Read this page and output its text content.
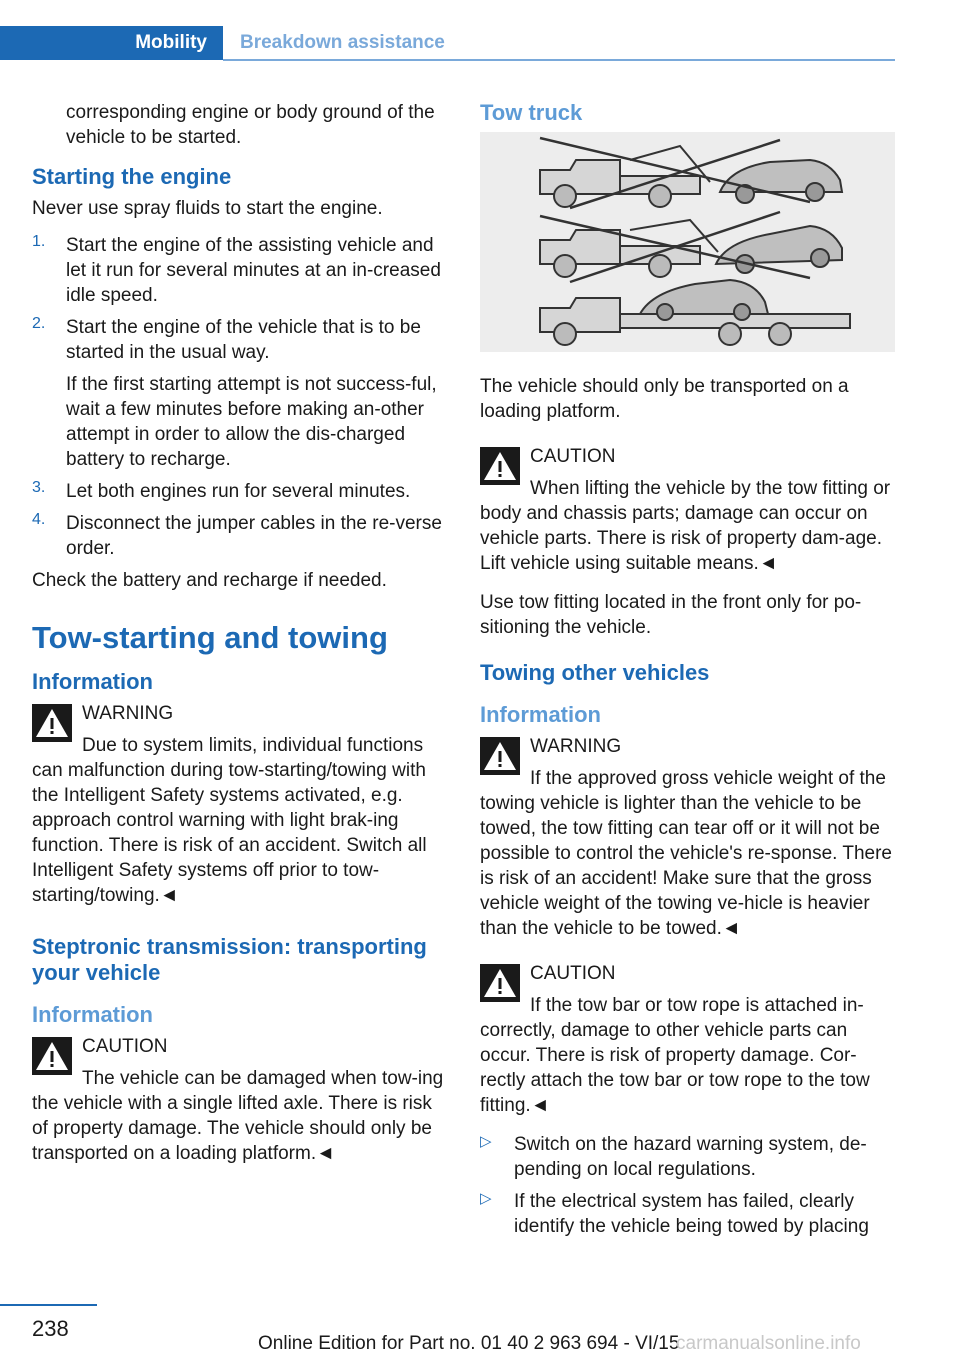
Mobility Breakdown assistance

corresponding engine or body ground of the vehicle to be started.

Starting the engine

Never use spray fluids to start the engine.

1. Start the engine of the assisting vehicle and let it run for several minutes at an in‐creased idle speed.

2. Start the engine of the vehicle that is to be started in the usual way.

If the first starting attempt is not success‐ful, wait a few minutes before making an‐other attempt in order to allow the dis‐charged battery to recharge.

3. Let both engines run for several minutes.

4. Disconnect the jumper cables in the re‐verse order.

Check the battery and recharge if needed.

Tow-starting and towing
Information

WARNING

Due to system limits, individual functions can malfunction during tow-starting/towing with the Intelligent Safety systems activated, e.g. approach control warning with light brak‐ing function. There is risk of an accident. Switch all Intelligent Safety systems off prior to tow-starting/towing.◄

Steptronic transmission: transporting your vehicle
Information

CAUTION

The vehicle can be damaged when tow‐ing the vehicle with a single lifted axle. There is risk of property damage. The vehicle should only be transported on a loading platform.◄

Tow truck

The vehicle should only be transported on a loading platform.

CAUTION

When lifting the vehicle by the tow fitting or body and chassis parts; damage can occur on vehicle parts. There is risk of property dam‐age. Lift vehicle using suitable means.◄

Use tow fitting located in the front only for po‐sitioning the vehicle.

Towing other vehicles
Information

WARNING

If the approved gross vehicle weight of the towing vehicle is lighter than the vehicle to be towed, the tow fitting can tear off or it will not be possible to control the vehicle's re‐sponse. There is risk of an accident! Make sure that the gross vehicle weight of the towing ve‐hicle is heavier than the vehicle to be towed.◄

CAUTION

If the tow bar or tow rope is attached in‐correctly, damage to other vehicle parts can occur. There is risk of property damage. Cor‐rectly attach the tow bar or tow rope to the tow fitting.◄

▷ Switch on the hazard warning system, de‐pending on local regulations.

▷ If the electrical system has failed, clearly identify the vehicle being towed by placing

238
Online Edition for Part no. 01 40 2 963 694 - VI/15
carmanualsonline.info
